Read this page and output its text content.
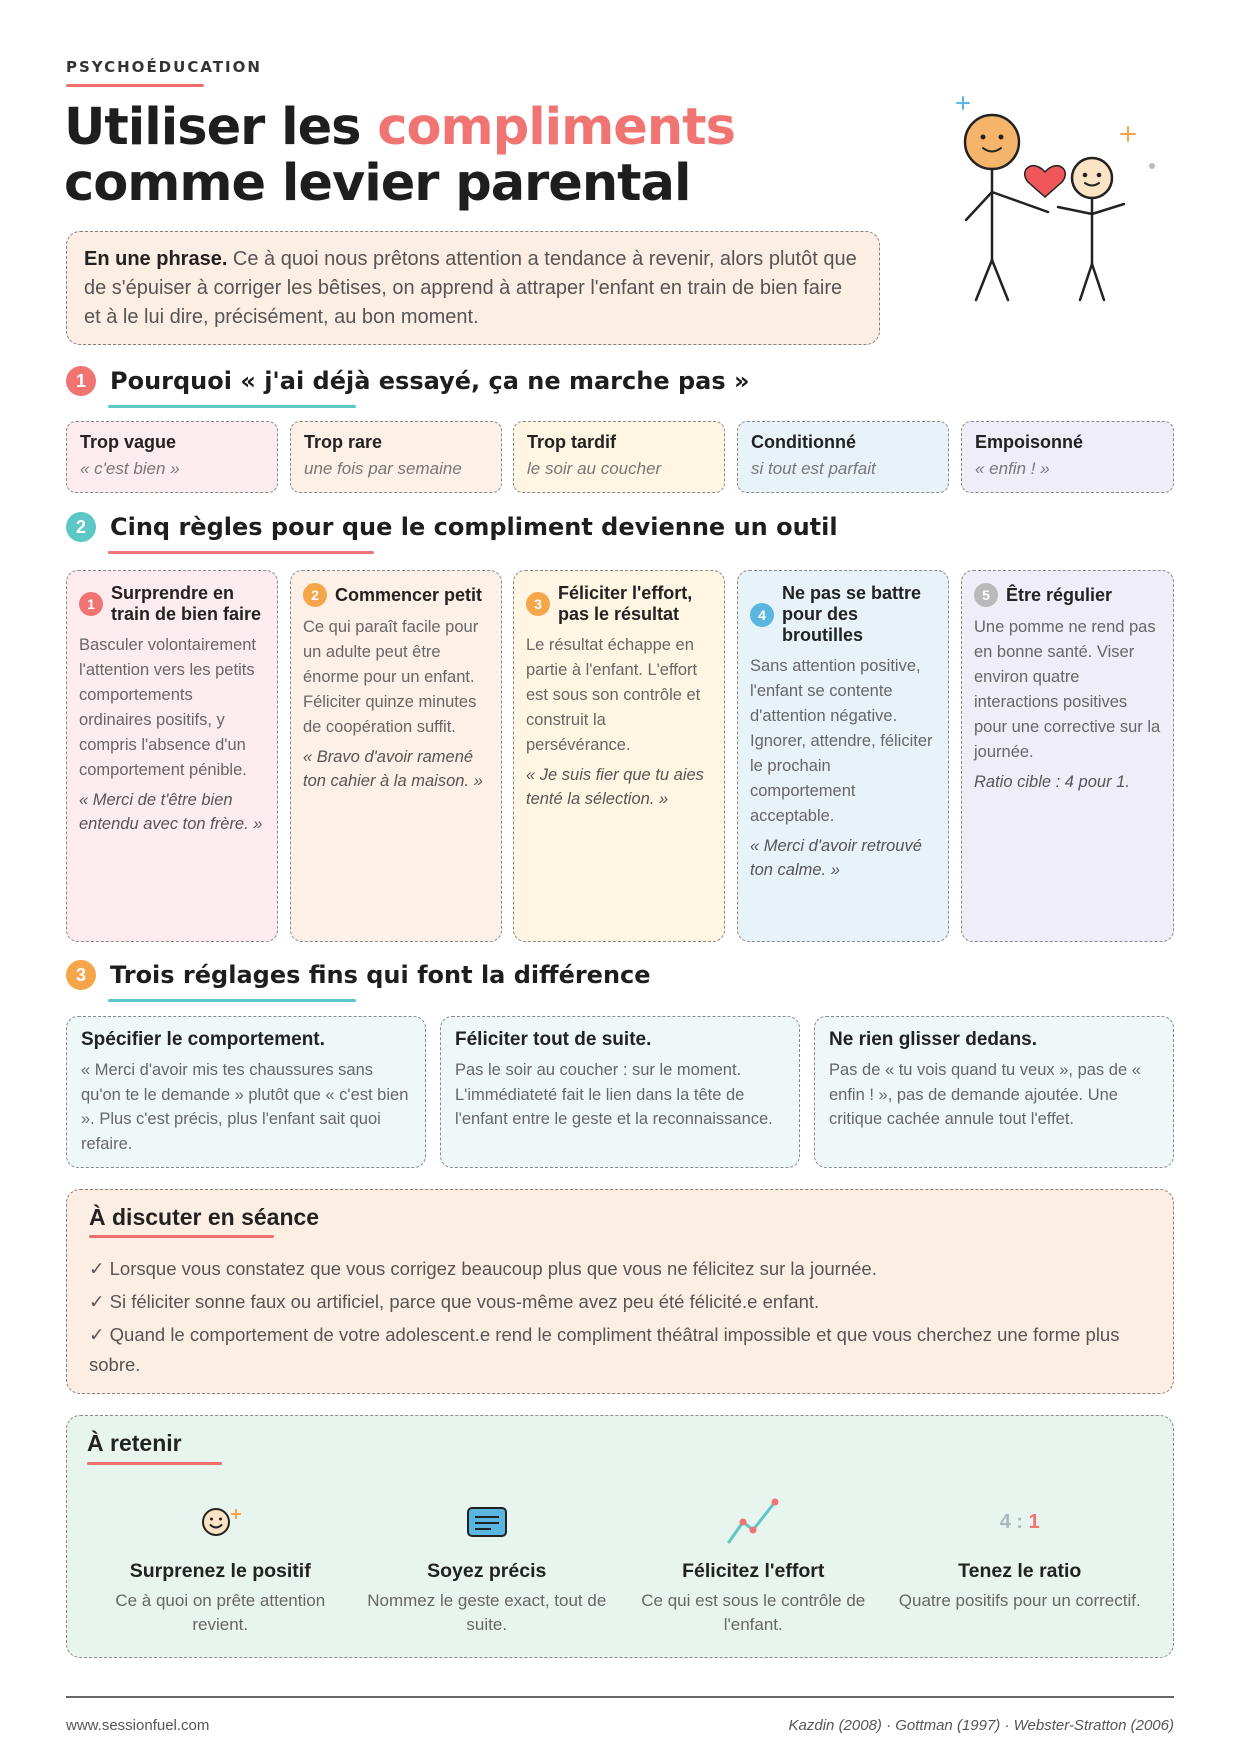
PSYCHOÉDUCATION
Utiliser les compliments
comme levier parental
En une phrase. Ce à quoi nous prêtons attention a tendance à revenir, alors plutôt que de s'épuiser à corriger les bêtises, on apprend à attraper l'enfant en train de bien faire et à le lui dire, précisément, au bon moment.
1	Pourquoi « j'ai déjà essayé, ça ne marche pas »
Trop vague
« c'est bien »
Trop rare
une fois par semaine
Trop tardif
le soir au coucher
Conditionné
si tout est parfait
Empoisonné
« enfin ! »
2	Cinq règles pour que le compliment devienne un outil
1
Surprendre en train de bien faire
Basculer volontairement l'attention vers les petits comportements ordinaires positifs, y compris l'absence d'un comportement pénible.
« Merci de t'être bien entendu avec ton frère. »
2 Commencer petit
Ce qui paraît facile pour un adulte peut être énorme pour un enfant. Féliciter quinze minutes de coopération suffit.
« Bravo d'avoir ramené ton cahier à la maison. »
3
Féliciter l'effort, pas le résultat
Le résultat échappe en partie à l'enfant. L'effort est sous son contrôle et construit la persévérance.
« Je suis fier que tu aies tenté la sélection. »
4
Ne pas se battre pour des broutilles
Sans attention positive, l'enfant se contente d'attention négative. Ignorer, attendre, féliciter le prochain comportement acceptable.
« Merci d'avoir retrouvé ton calme. »
5 Être régulier
Une pomme ne rend pas en bonne santé. Viser environ quatre interactions positives pour une corrective sur la journée.
Ratio cible : 4 pour 1.
3	Trois réglages fins qui font la différence
Spécifier le comportement.
« Merci d'avoir mis tes chaussures sans qu'on te le demande » plutôt que « c'est bien ». Plus c'est précis, plus l'enfant sait quoi refaire.
Féliciter tout de suite.
Pas le soir au coucher : sur le moment. L'immédiateté fait le lien dans la tête de l'enfant entre le geste et la reconnaissance.
Ne rien glisser dedans.
Pas de « tu vois quand tu veux », pas de « enfin ! », pas de demande ajoutée. Une critique cachée annule tout l'effet.
À discuter en séance
✓ Lorsque vous constatez que vous corrigez beaucoup plus que vous ne félicitez sur la journée.
✓ Si féliciter sonne faux ou artificiel, parce que vous-même avez peu été félicité.e enfant.
✓ Quand le comportement de votre adolescent.e rend le compliment théâtral impossible et que vous cherchez une forme plus sobre.
À retenir
Surprenez le positif
Ce à quoi on prête attention revient.
Soyez précis
Nommez le geste exact, tout de suite.
Félicitez l'effort
Ce qui est sous le contrôle de l'enfant.
4 : 1
Tenez le ratio
Quatre positifs pour un correctif.
www.sessionfuel.com	Kazdin (2008) · Gottman (1997) · Webster-Stratton (2006)
